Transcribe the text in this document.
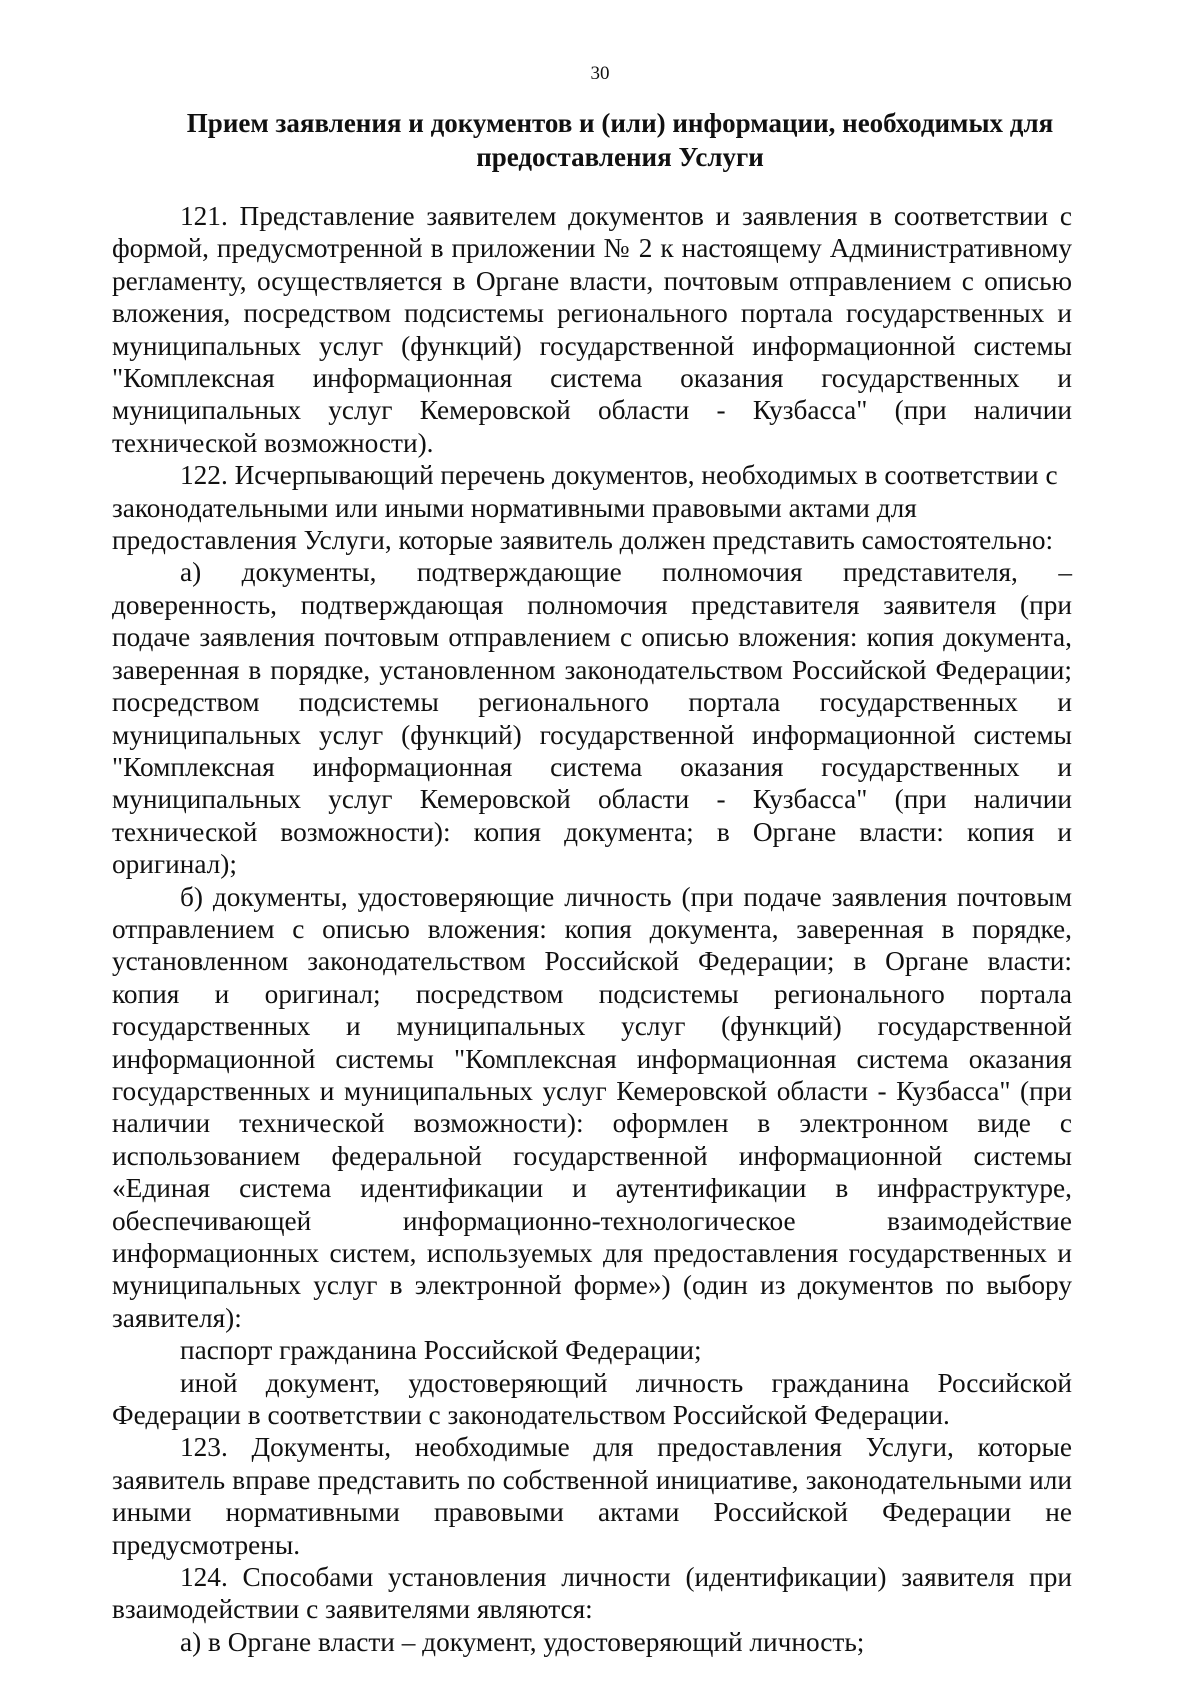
30
Прием заявления и документов и (или) информации, необходимых для предоставления Услуги

121. Представление заявителем документов и заявления в соответствии с формой, предусмотренной в приложении № 2 к настоящему Административному регламенту, осуществляется в Органе власти, почтовым отправлением с описью вложения, посредством подсистемы регионального портала государственных и муниципальных услуг (функций) государственной информационной системы "Комплексная информационная система оказания государственных и муниципальных услуг Кемеровской области - Кузбасса" (при наличии технической возможности).

122. Исчерпывающий перечень документов, необходимых в соответствии с законодательными или иными нормативными правовыми актами для предоставления Услуги, которые заявитель должен представить самостоятельно:

а) документы, подтверждающие полномочия представителя, – доверенность, подтверждающая полномочия представителя заявителя (при подаче заявления почтовым отправлением с описью вложения: копия документа, заверенная в порядке, установленном законодательством Российской Федерации; посредством подсистемы регионального портала государственных и муниципальных услуг (функций) государственной информационной системы "Комплексная информационная система оказания государственных и муниципальных услуг Кемеровской области - Кузбасса" (при наличии технической возможности): копия документа; в Органе власти: копия и оригинал);

б) документы, удостоверяющие личность (при подаче заявления почтовым отправлением с описью вложения: копия документа, заверенная в порядке, установленном законодательством Российской Федерации; в Органе власти: копия и оригинал; посредством подсистемы регионального портала государственных и муниципальных услуг (функций) государственной информационной системы "Комплексная информационная система оказания государственных и муниципальных услуг Кемеровской области - Кузбасса" (при наличии технической возможности): оформлен в электронном виде с использованием федеральной государственной информационной системы «Единая система идентификации и аутентификации в инфраструктуре, обеспечивающей информационно-технологическое взаимодействие информационных систем, используемых для предоставления государственных и муниципальных услуг в электронной форме») (один из документов по выбору заявителя):

паспорт гражданина Российской Федерации;

иной документ, удостоверяющий личность гражданина Российской Федерации в соответствии с законодательством Российской Федерации.

123. Документы, необходимые для предоставления Услуги, которые заявитель вправе представить по собственной инициативе, законодательными или иными нормативными правовыми актами Российской Федерации не предусмотрены.

124. Способами установления личности (идентификации) заявителя при взаимодействии с заявителями являются:

а) в Органе власти – документ, удостоверяющий личность;
